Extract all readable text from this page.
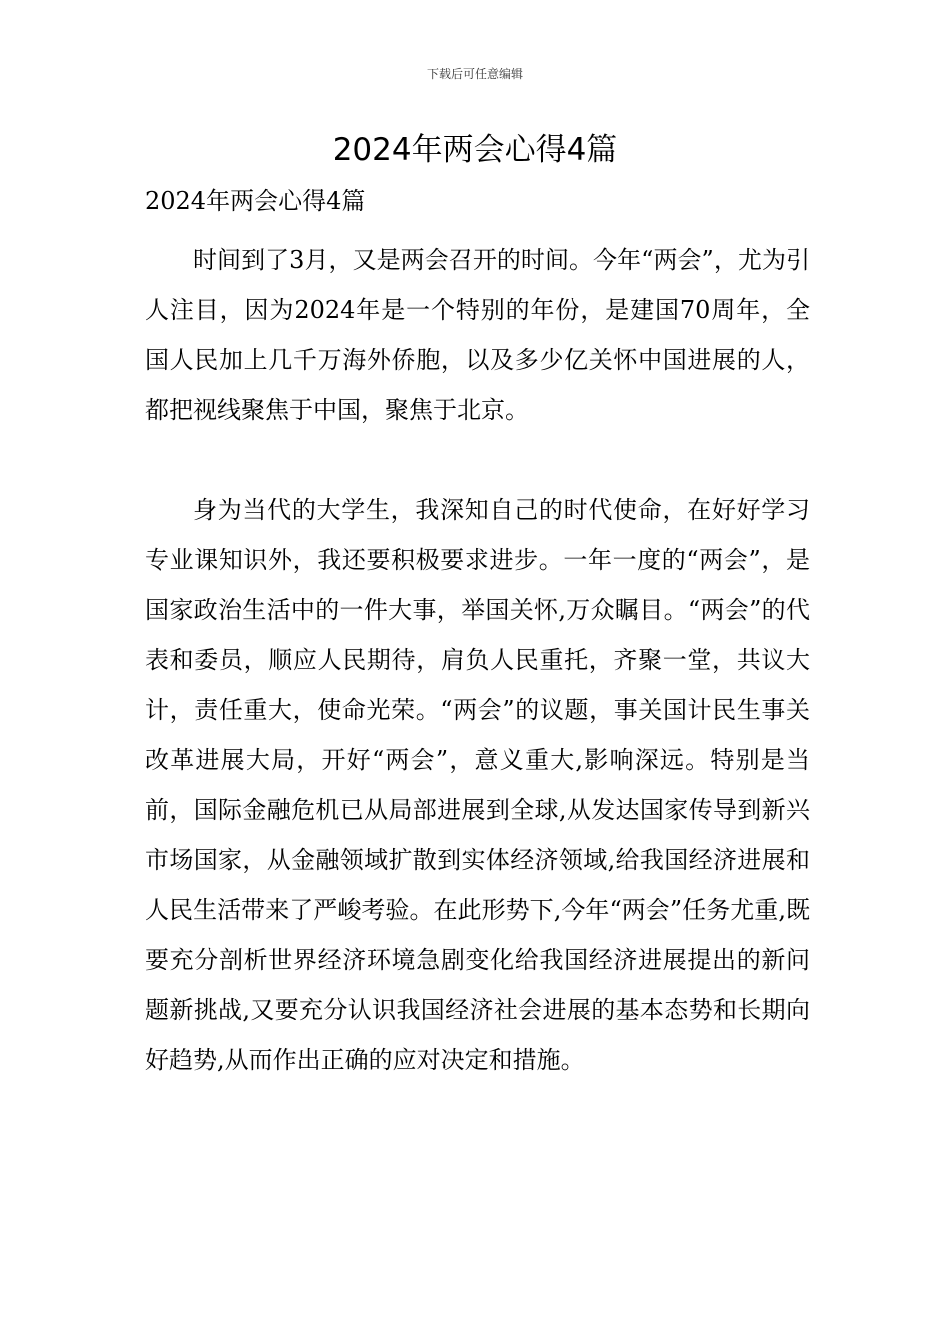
下载后可任意编辑
2024年两会心得4篇

2024年两会心得4篇

时间到了3月，又是两会召开的时间。今年“两会”，尤为引人注目，因为2024年是一个特别的年份，是建国70周年，全国人民加上几千万海外侨胞，以及多少亿关怀中国进展的人，都把视线聚焦于中国，聚焦于北京。

身为当代的大学生，我深知自己的时代使命，在好好学习专业课知识外，我还要积极要求进步。一年一度的“两会”，是国家政治生活中的一件大事，举国关怀,万众瞩目。“两会”的代表和委员，顺应人民期待，肩负人民重托，齐聚一堂，共议大计，责任重大，使命光荣。“两会”的议题，事关国计民生事关改革进展大局，开好“两会”，意义重大,影响深远。特别是当前，国际金融危机已从局部进展到全球,从发达国家传导到新兴市场国家，从金融领域扩散到实体经济领域,给我国经济进展和人民生活带来了严峻考验。在此形势下,今年“两会”任务尤重,既要充分剖析世界经济环境急剧变化给我国经济进展提出的新问题新挑战,又要充分认识我国经济社会进展的基本态势和长期向好趋势,从而作出正确的应对决定和措施。
